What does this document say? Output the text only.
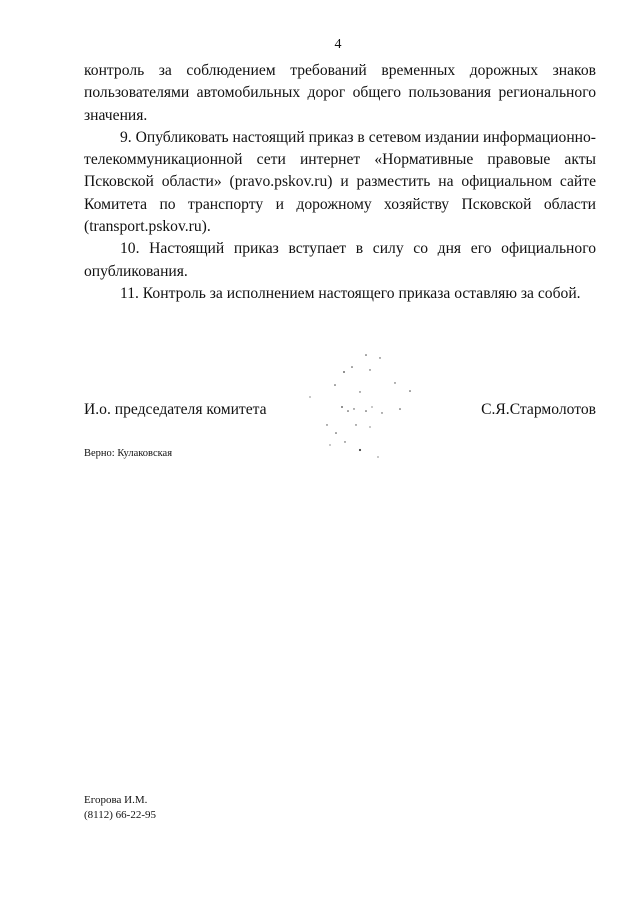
4

контроль за соблюдением требований временных дорожных знаков пользователями автомобильных дорог общего пользования регионального значения.

9. Опубликовать настоящий приказ в сетевом издании информационно-телекоммуникационной сети интернет «Нормативные правовые акты Псковской области» (pravo.pskov.ru) и разместить на официальном сайте Комитета по транспорту и дорожному хозяйству Псковской области (transport.pskov.ru).

10. Настоящий приказ вступает в силу со дня его официального опубликования.

11. Контроль за исполнением настоящего приказа оставляю за собой.

И.о. председателя комитета	С.Я.Стармолотов
Верно: Кулаковская
Егорова И.М.
(8112) 66-22-95
